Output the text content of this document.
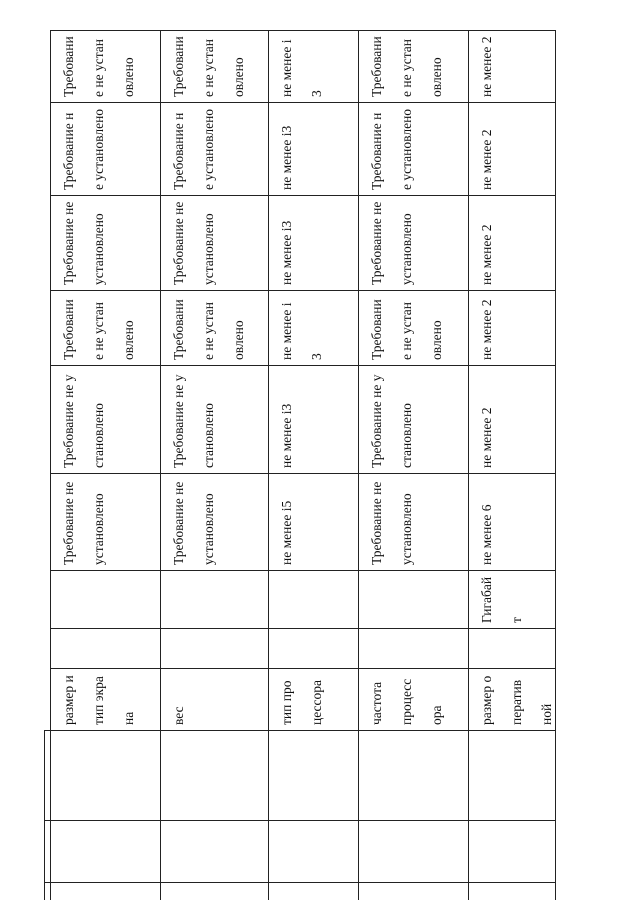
размер и тип экрана
Требование не установлено
Требование не установлено
Требование не установлено
Требование не установлено
Требование не установлено
Требование не установлено
вес
Требование не установлено
Требование не установлено
Требование не установлено
Требование не установлено
Требование не установлено
Требование не установлено
тип процессора
не менее i5
не менее i3
не менее i3
не менее i3
не менее i3
не менее i3
частота процессора
Требование не установлено
Требование не установлено
Требование не установлено
Требование не установлено
Требование не установлено
Требование не установлено
размер оперативной
Гигабайт
не менее 6
не менее 2
не менее 2
не менее 2
не менее 2
не менее 2
